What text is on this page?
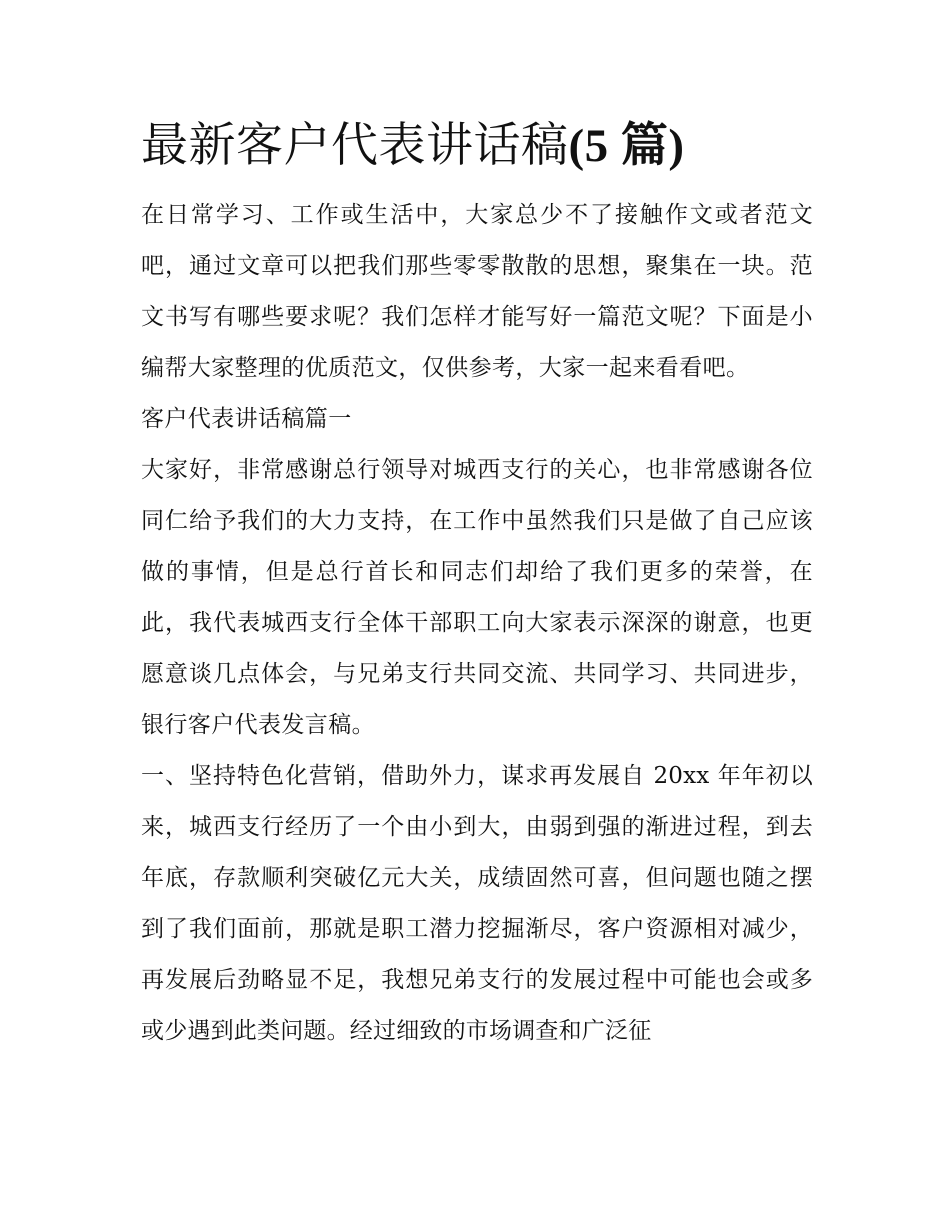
最新客户代表讲话稿(5 篇)

在日常学习、工作或生活中，大家总少不了接触作文或者范文吧，通过文章可以把我们那些零零散散的思想，聚集在一块。范文书写有哪些要求呢？我们怎样才能写好一篇范文呢？下面是小编帮大家整理的优质范文，仅供参考，大家一起来看看吧。

客户代表讲话稿篇一

大家好，非常感谢总行领导对城西支行的关心，也非常感谢各位同仁给予我们的大力支持，在工作中虽然我们只是做了自己应该做的事情，但是总行首长和同志们却给了我们更多的荣誉，在此，我代表城西支行全体干部职工向大家表示深深的谢意，也更愿意谈几点体会，与兄弟支行共同交流、共同学习、共同进步，银行客户代表发言稿。

一、坚持特色化营销，借助外力，谋求再发展自 20xx 年年初以来，城西支行经历了一个由小到大，由弱到强的渐进过程，到去年底，存款顺利突破亿元大关，成绩固然可喜，但问题也随之摆到了我们面前，那就是职工潜力挖掘渐尽，客户资源相对减少，再发展后劲略显不足，我想兄弟支行的发展过程中可能也会或多或少遇到此类问题。经过细致的市场调查和广泛征
